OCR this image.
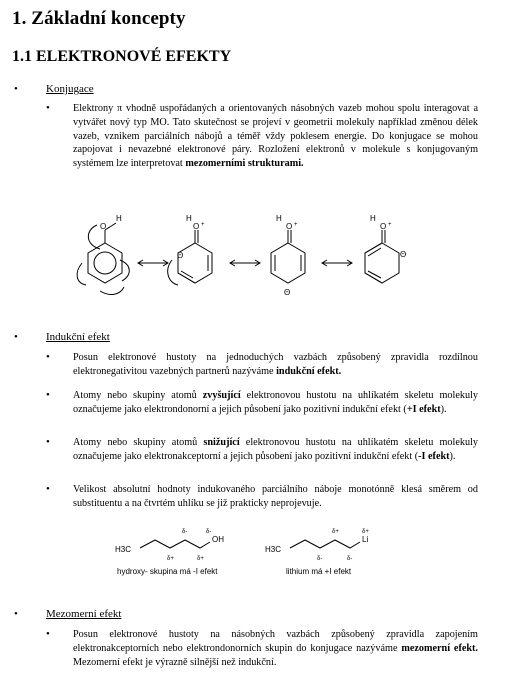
1. Základní koncepty
1.1 ELEKTRONOVÉ EFEKTY
•	Konjugace
• Elektrony π vhodně uspořádaných a orientovaných násobných vazeb mohou spolu interagovat a vytvářet nový typ MO. Tato skutečnost se projeví v geometrii molekuly například změnou délek vazeb, vznikem parciálních nábojů a téměř vždy poklesem energie. Do konjugace se mohou zapojovat i nevazebné elektronové páry. Rozložení elektronů v molekule s konjugovaným systémem lze interpretovat mezomerními strukturami.
O
H	H
O +
Θ
H
O +
Θ
H
O +
Θ
•	Indukční efekt
• Posun elektronové hustoty na jednoduchých vazbách způsobený zpravidla rozdílnou elektronegativitou vazebných partnerů nazýváme indukční efekt.
• Atomy nebo skupiny atomů zvyšující elektronovou hustotu na uhlíkatém skeletu molekuly označujeme jako elektrondonorní a jejich působení jako pozitivní indukční efekt (+I efekt).
• Atomy nebo skupiny atomů snižující elektronovou hustotu na uhlíkatém skeletu molekuly označujeme jako elektronakceptorní a jejich působení jako pozitivní indukční efekt (-I efekt).
• Velikost absolutní hodnoty indukovaného parciálního náboje monotónně klesá směrem od substituentu a na čtvrtém uhlíku se již prakticky neprojevuje.
H3C
OH
δ-
δ-
δ+	δ+
H3C
Li
δ+
δ+
δ-	δ-
hydroxy- skupina má -I efekt	lithium má +I efekt
•	Mezomerní efekt
• Posun elektronové hustoty na násobných vazbách způsobený zpravidla zapojením elektronakceptorních nebo elektrondonorních skupin do konjugace nazýváme mezomerní efekt. Mezomerní efekt je výrazně silnější než indukční.
